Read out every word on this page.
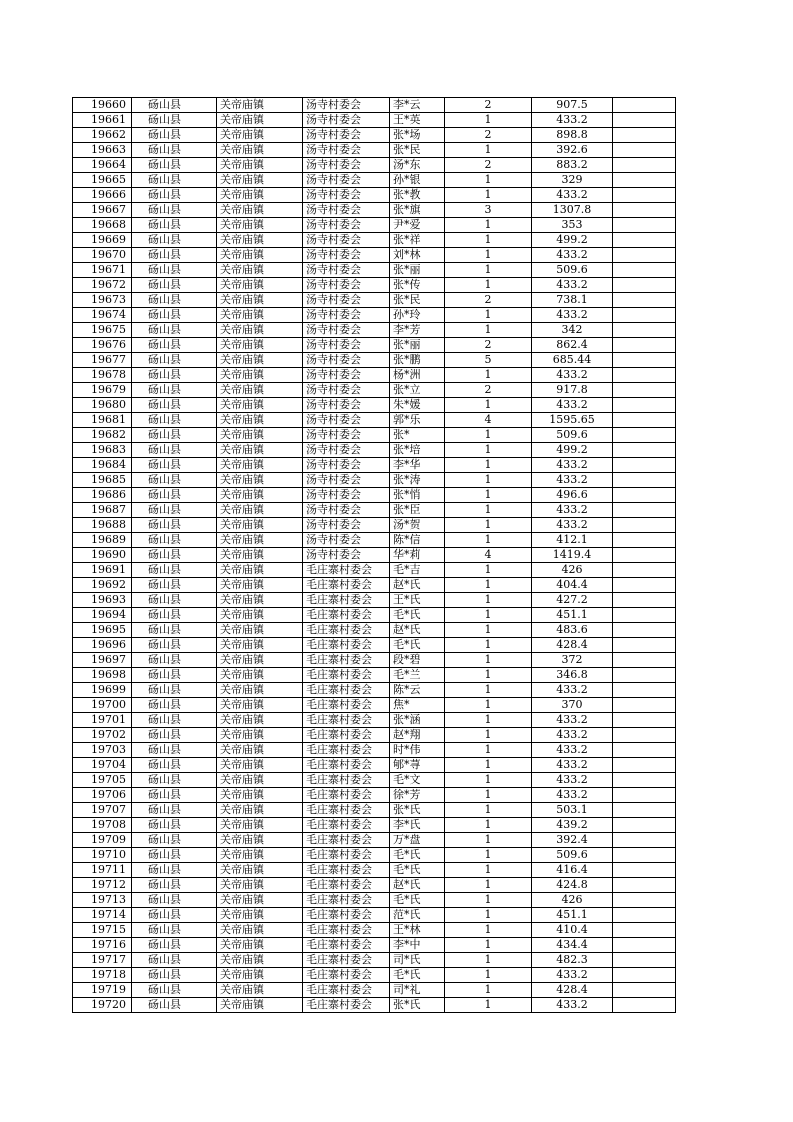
19660	砀山县	关帝庙镇	汤寺村委会	李*云	2	907.5	
19661	砀山县	关帝庙镇	汤寺村委会	王*英	1	433.2	
19662	砀山县	关帝庙镇	汤寺村委会	张*场	2	898.8	
19663	砀山县	关帝庙镇	汤寺村委会	张*民	1	392.6	
19664	砀山县	关帝庙镇	汤寺村委会	汤*东	2	883.2	
19665	砀山县	关帝庙镇	汤寺村委会	孙*银	1	329	
19666	砀山县	关帝庙镇	汤寺村委会	张*教	1	433.2	
19667	砀山县	关帝庙镇	汤寺村委会	张*旗	3	1307.8	
19668	砀山县	关帝庙镇	汤寺村委会	尹*爱	1	353	
19669	砀山县	关帝庙镇	汤寺村委会	张*祥	1	499.2	
19670	砀山县	关帝庙镇	汤寺村委会	刘*林	1	433.2	
19671	砀山县	关帝庙镇	汤寺村委会	张*丽	1	509.6	
19672	砀山县	关帝庙镇	汤寺村委会	张*传	1	433.2	
19673	砀山县	关帝庙镇	汤寺村委会	张*民	2	738.1	
19674	砀山县	关帝庙镇	汤寺村委会	孙*玲	1	433.2	
19675	砀山县	关帝庙镇	汤寺村委会	李*芳	1	342	
19676	砀山县	关帝庙镇	汤寺村委会	张*丽	2	862.4	
19677	砀山县	关帝庙镇	汤寺村委会	张*鹏	5	685.44	
19678	砀山县	关帝庙镇	汤寺村委会	杨*洲	1	433.2	
19679	砀山县	关帝庙镇	汤寺村委会	张*立	2	917.8	
19680	砀山县	关帝庙镇	汤寺村委会	朱*媛	1	433.2	
19681	砀山县	关帝庙镇	汤寺村委会	郭*乐	4	1595.65	
19682	砀山县	关帝庙镇	汤寺村委会	张*	1	509.6	
19683	砀山县	关帝庙镇	汤寺村委会	张*培	1	499.2	
19684	砀山县	关帝庙镇	汤寺村委会	李*华	1	433.2	
19685	砀山县	关帝庙镇	汤寺村委会	张*涛	1	433.2	
19686	砀山县	关帝庙镇	汤寺村委会	张*悄	1	496.6	
19687	砀山县	关帝庙镇	汤寺村委会	张*臣	1	433.2	
19688	砀山县	关帝庙镇	汤寺村委会	汤*贺	1	433.2	
19689	砀山县	关帝庙镇	汤寺村委会	陈*信	1	412.1	
19690	砀山县	关帝庙镇	汤寺村委会	华*莉	4	1419.4	
19691	砀山县	关帝庙镇	毛庄寨村委会	毛*吉	1	426	
19692	砀山县	关帝庙镇	毛庄寨村委会	赵*氏	1	404.4	
19693	砀山县	关帝庙镇	毛庄寨村委会	王*氏	1	427.2	
19694	砀山县	关帝庙镇	毛庄寨村委会	毛*氏	1	451.1	
19695	砀山县	关帝庙镇	毛庄寨村委会	赵*氏	1	483.6	
19696	砀山县	关帝庙镇	毛庄寨村委会	毛*氏	1	428.4	
19697	砀山县	关帝庙镇	毛庄寨村委会	段*碧	1	372	
19698	砀山县	关帝庙镇	毛庄寨村委会	毛*兰	1	346.8	
19699	砀山县	关帝庙镇	毛庄寨村委会	陈*云	1	433.2	
19700	砀山县	关帝庙镇	毛庄寨村委会	焦*	1	370	
19701	砀山县	关帝庙镇	毛庄寨村委会	张*涵	1	433.2	
19702	砀山县	关帝庙镇	毛庄寨村委会	赵*翔	1	433.2	
19703	砀山县	关帝庙镇	毛庄寨村委会	时*伟	1	433.2	
19704	砀山县	关帝庙镇	毛庄寨村委会	郇*荨	1	433.2	
19705	砀山县	关帝庙镇	毛庄寨村委会	毛*文	1	433.2	
19706	砀山县	关帝庙镇	毛庄寨村委会	徐*芳	1	433.2	
19707	砀山县	关帝庙镇	毛庄寨村委会	张*氏	1	503.1	
19708	砀山县	关帝庙镇	毛庄寨村委会	李*氏	1	439.2	
19709	砀山县	关帝庙镇	毛庄寨村委会	万*盘	1	392.4	
19710	砀山县	关帝庙镇	毛庄寨村委会	毛*氏	1	509.6	
19711	砀山县	关帝庙镇	毛庄寨村委会	毛*氏	1	416.4	
19712	砀山县	关帝庙镇	毛庄寨村委会	赵*氏	1	424.8	
19713	砀山县	关帝庙镇	毛庄寨村委会	毛*氏	1	426	
19714	砀山县	关帝庙镇	毛庄寨村委会	范*氏	1	451.1	
19715	砀山县	关帝庙镇	毛庄寨村委会	王*林	1	410.4	
19716	砀山县	关帝庙镇	毛庄寨村委会	李*中	1	434.4	
19717	砀山县	关帝庙镇	毛庄寨村委会	司*氏	1	482.3	
19718	砀山县	关帝庙镇	毛庄寨村委会	毛*氏	1	433.2	
19719	砀山县	关帝庙镇	毛庄寨村委会	司*礼	1	428.4	
19720	砀山县	关帝庙镇	毛庄寨村委会	张*氏	1	433.2	
